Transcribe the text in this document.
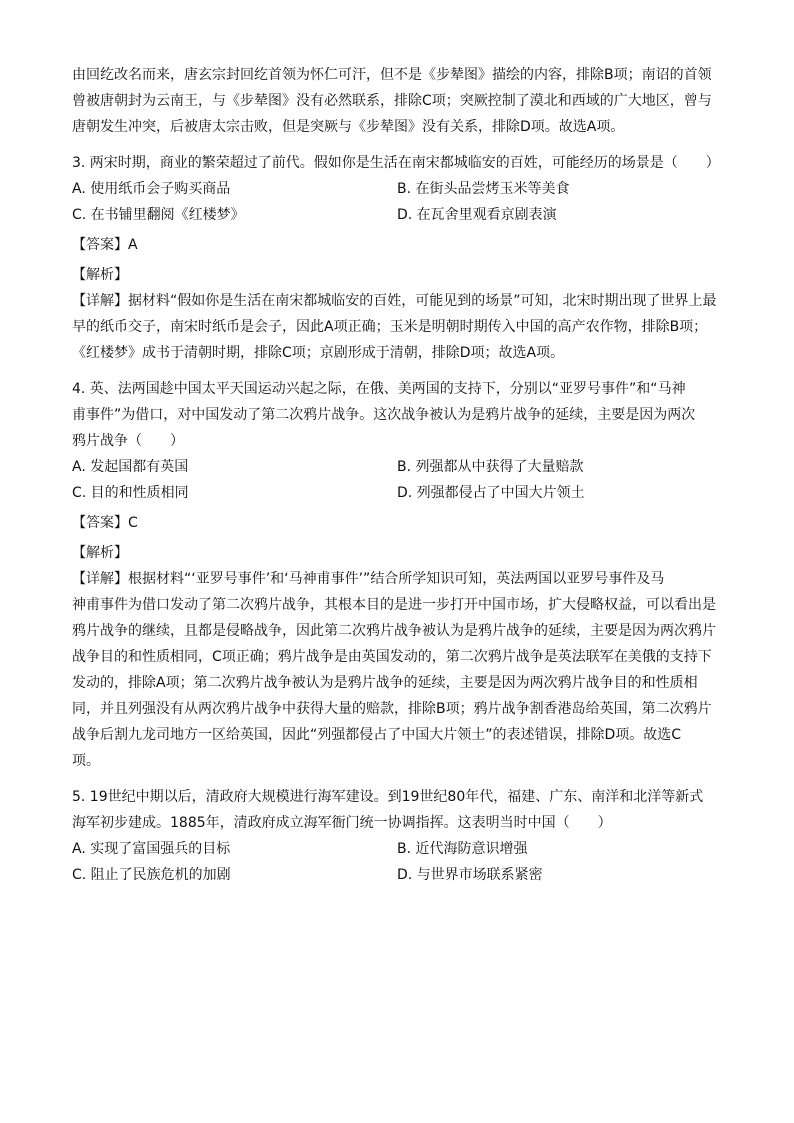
由回纥改名而来，唐玄宗封回纥首领为怀仁可汗，但不是《步辇图》描绘的内容，排除B项；南诏的首领
曾被唐朝封为云南王，与《步辇图》没有必然联系，排除C项；突厥控制了漠北和西域的广大地区，曾与
唐朝发生冲突，后被唐太宗击败，但是突厥与《步辇图》没有关系，排除D项。故选A项。
3. 两宋时期，商业的繁荣超过了前代。假如你是生活在南宋都城临安的百姓，可能经历的场景是（　　）
A. 使用纸币会子购买商品	B. 在街头品尝烤玉米等美食
C. 在书铺里翻阅《红楼梦》	D. 在瓦舍里观看京剧表演
【答案】A
【解析】
【详解】据材料“假如你是生活在南宋都城临安的百姓，可能见到的场景”可知，北宋时期出现了世界上最
早的纸币交子，南宋时纸币是会子，因此A项正确；玉米是明朝时期传入中国的高产农作物，排除B项；
《红楼梦》成书于清朝时期，排除C项；京剧形成于清朝，排除D项；故选A项。
4. 英、法两国趁中国太平天国运动兴起之际，在俄、美两国的支持下，分别以“亚罗号事件”和“马神
甫事件”为借口，对中国发动了第二次鸦片战争。这次战争被认为是鸦片战争的延续，主要是因为两次
鸦片战争（　　）
A. 发起国都有英国	B. 列强都从中获得了大量赔款
C. 目的和性质相同	D. 列强都侵占了中国大片领土
【答案】C
【解析】
【详解】根据材料“‘亚罗号事件’和‘马神甫事件’”结合所学知识可知，英法两国以亚罗号事件及马
神甫事件为借口发动了第二次鸦片战争，其根本目的是进一步打开中国市场，扩大侵略权益，可以看出是
鸦片战争的继续，且都是侵略战争，因此第二次鸦片战争被认为是鸦片战争的延续，主要是因为两次鸦片
战争目的和性质相同，C项正确；鸦片战争是由英国发动的，第二次鸦片战争是英法联军在美俄的支持下
发动的，排除A项；第二次鸦片战争被认为是鸦片战争的延续，主要是因为两次鸦片战争目的和性质相
同，并且列强没有从两次鸦片战争中获得大量的赔款，排除B项；鸦片战争割香港岛给英国，第二次鸦片
战争后割九龙司地方一区给英国，因此“列强都侵占了中国大片领土”的表述错误，排除D项。故选C
项。
5. 19世纪中期以后，清政府大规模进行海军建设。到19世纪80年代，福建、广东、南洋和北洋等新式
海军初步建成。1885年，清政府成立海军衙门统一协调指挥。这表明当时中国（　　）
A. 实现了富国强兵的目标	B. 近代海防意识增强
C. 阻止了民族危机的加剧	D. 与世界市场联系紧密
